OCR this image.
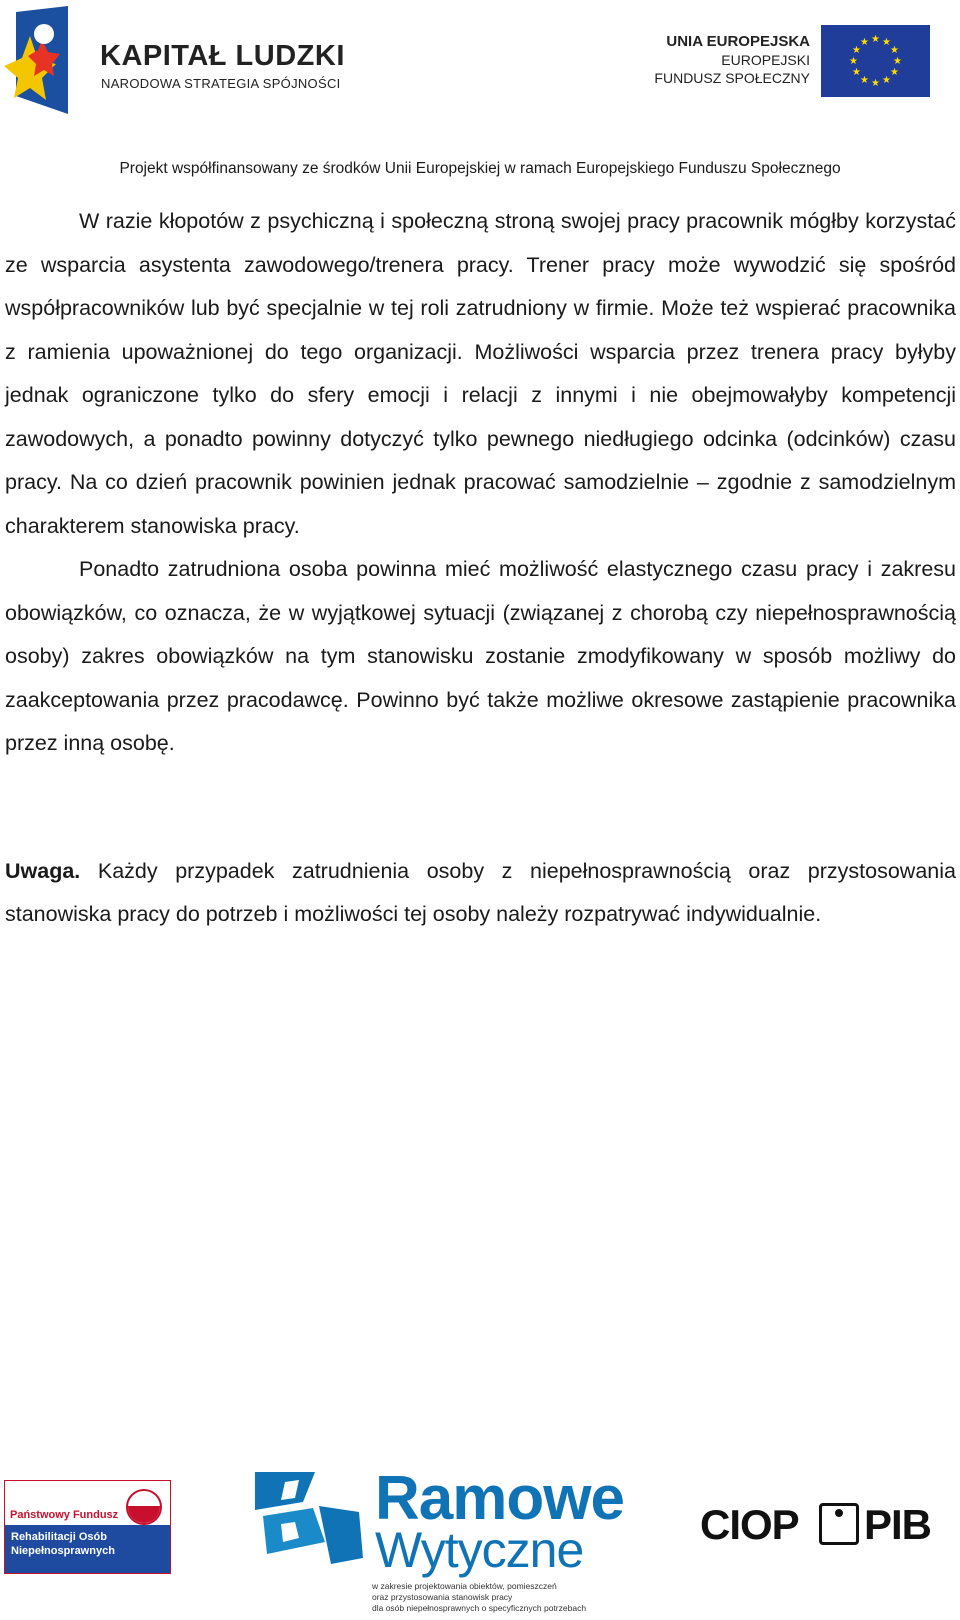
KAPITAŁ LUDZKI
NARODOWA STRATEGIA SPÓJNOŚCI
UNIA EUROPEJSKA
EUROPEJSKI
FUNDUSZ SPOŁECZNY
★ ★
★
★
★
★
★
★
★
★
★
★
Projekt współfinansowany ze środków Unii Europejskiej w ramach Europejskiego Funduszu Społecznego

W razie kłopotów z psychiczną i społeczną stroną swojej pracy pracownik mógłby korzystać ze wsparcia asystenta zawodowego/trenera pracy. Trener pracy może wywodzić się spośród współpracowników lub być specjalnie w tej roli zatrudniony w firmie. Może też wspierać pracownika z ramienia upoważnionej do tego organizacji. Możliwości wsparcia przez trenera pracy byłyby jednak ograniczone tylko do sfery emocji i relacji z innymi i nie obejmowałyby kompetencji zawodowych, a ponadto powinny dotyczyć tylko pewnego niedługiego odcinka (odcinków) czasu pracy. Na co dzień pracownik powinien jednak pracować samodzielnie – zgodnie z samodzielnym charakterem stanowiska pracy.

Ponadto zatrudniona osoba powinna mieć możliwość elastycznego czasu pracy i zakresu obowiązków, co oznacza, że w wyjątkowej sytuacji (związanej z chorobą czy niepełnosprawnością osoby) zakres obowiązków na tym stanowisku zostanie zmodyfikowany w sposób możliwy do zaakceptowania przez pracodawcę. Powinno być także możliwe okresowe zastąpienie pracownika przez inną osobę.

Uwaga. Każdy przypadek zatrudnienia osoby z niepełnosprawnością oraz przystosowania stanowiska pracy do potrzeb i możliwości tej osoby należy rozpatrywać indywidualnie.

Państwowy Fundusz
Rehabilitacji Osób
Niepełnosprawnych
Ramowe
Wytyczne
w zakresie projektowania obiektów, pomieszczeń
oraz przystosowania stanowisk pracy
dla osób niepełnosprawnych o specyficznych potrzebach
CIOP PIB
